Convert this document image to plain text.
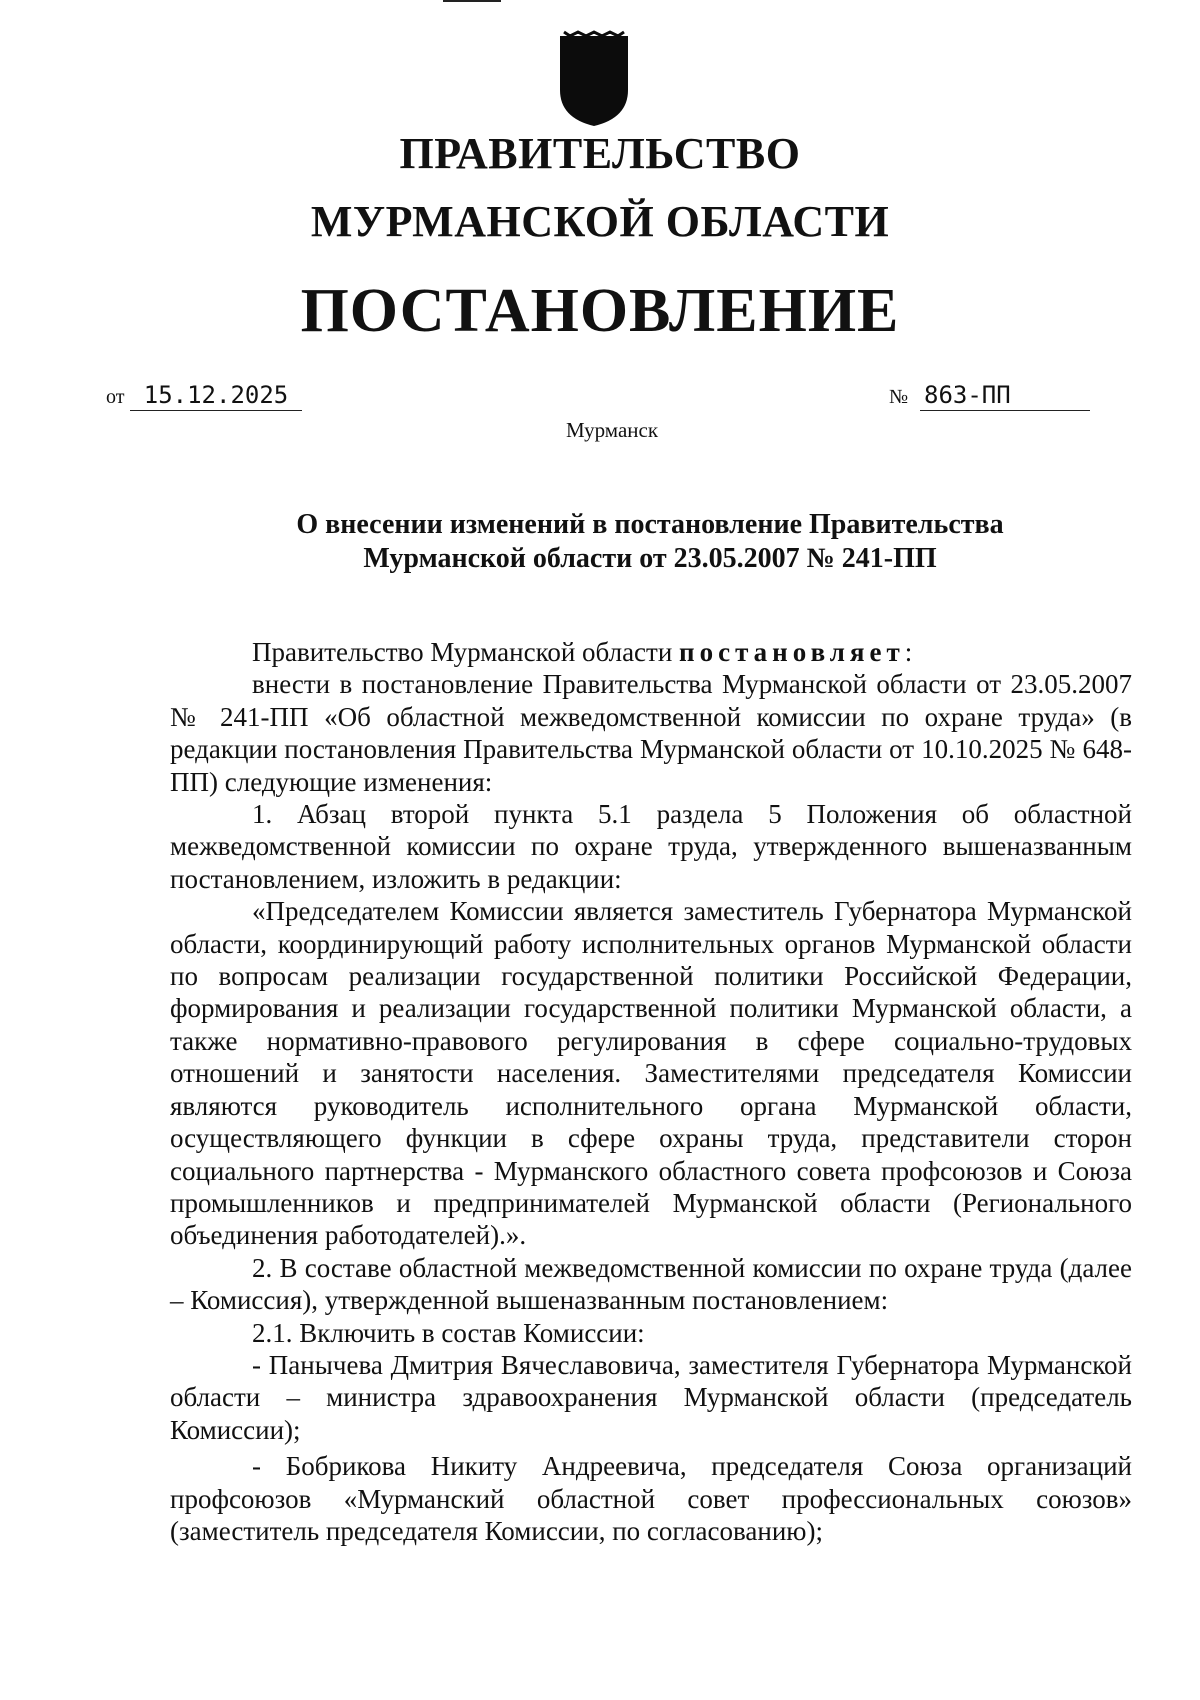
ПРАВИТЕЛЬСТВО
МУРМАНСКОЙ ОБЛАСТИ
ПОСТАНОВЛЕНИЕ
от 15.12.2025	№ 863-ПП
Мурманск
О внесении изменений в постановление Правительства
Мурманской области от 23.05.2007 № 241-ПП

Правительство Мурманской области постановляет:

внести в постановление Правительства Мурманской области от 23.05.2007 № 241-ПП «Об областной межведомственной комиссии по охране труда» (в редакции постановления Правительства Мурманской области от 10.10.2025 № 648-ПП) следующие изменения:

1. Абзац второй пункта 5.1 раздела 5 Положения об областной межведомственной комиссии по охране труда, утвержденного вышеназванным постановлением, изложить в редакции:

«Председателем Комиссии является заместитель Губернатора Мурманской области, координирующий работу исполнительных органов Мурманской области по вопросам реализации государственной политики Российской Федерации, формирования и реализации государственной политики Мурманской области, а также нормативно-правового регулирования в сфере социально-трудовых отношений и занятости населения. Заместителями председателя Комиссии являются руководитель исполнительного органа Мурманской области, осуществляющего функции в сфере охраны труда, представители сторон социального партнерства - Мурманского областного совета профсоюзов и Союза промышленников и предпринимателей Мурманской области (Регионального объединения работодателей).».

2. В составе областной межведомственной комиссии по охране труда (далее – Комиссия), утвержденной вышеназванным постановлением:

2.1. Включить в состав Комиссии:

- Панычева Дмитрия Вячеславовича, заместителя Губернатора Мурманской области – министра здравоохранения Мурманской области (председатель Комиссии);

- Бобрикова Никиту Андреевича, председателя Союза организаций профсоюзов «Мурманский областной совет профессиональных союзов» (заместитель председателя Комиссии, по согласованию);
